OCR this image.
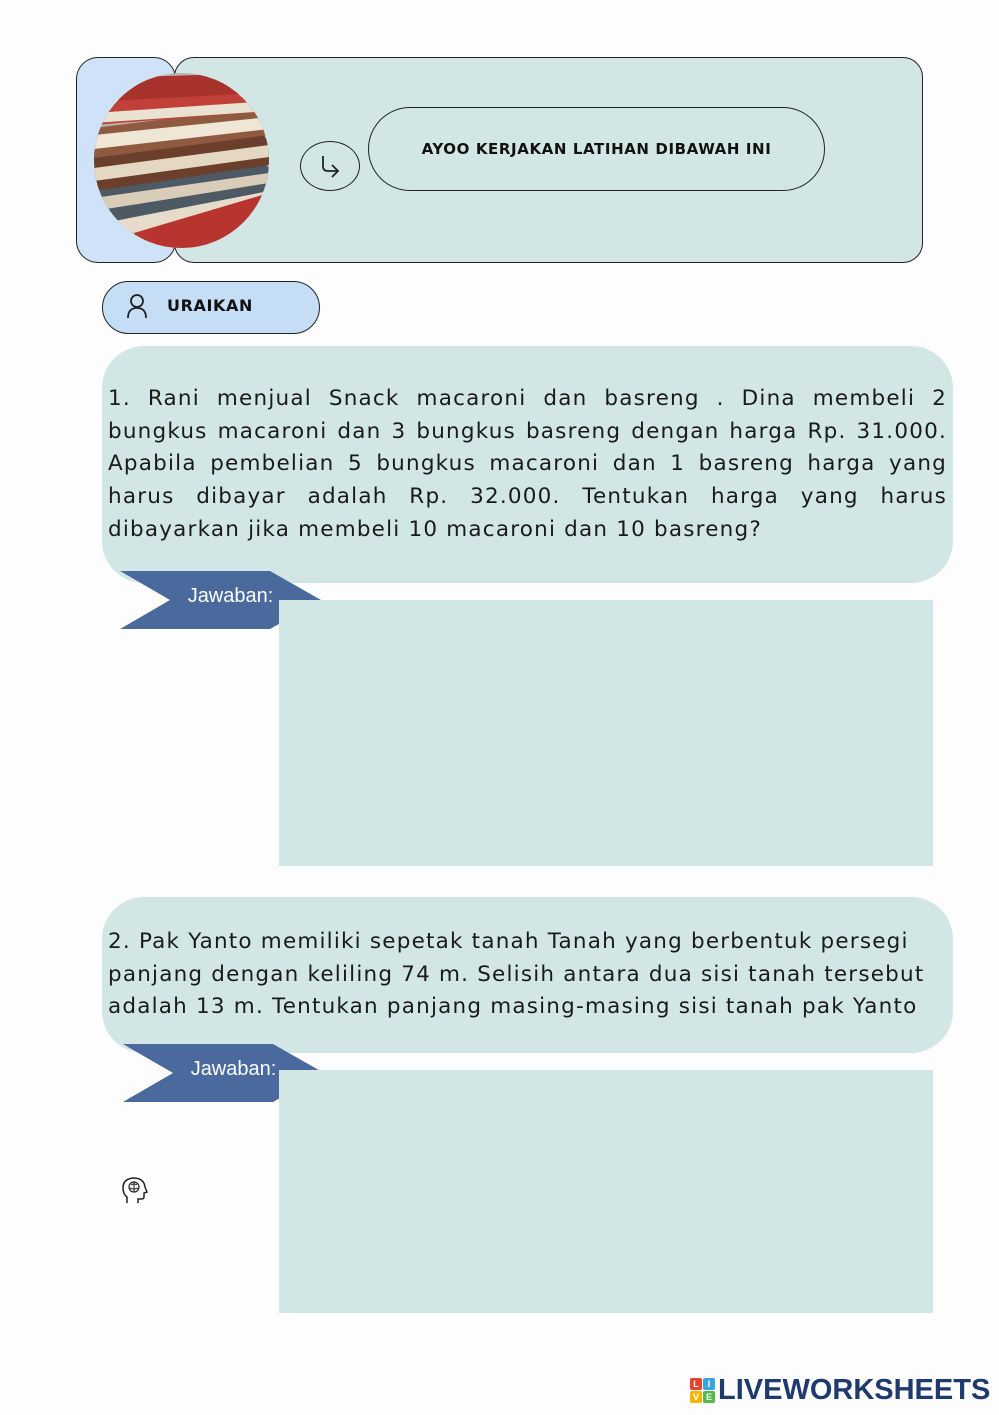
AYOO KERJAKAN LATIHAN DIBAWAH INI
URAIKAN
1. Rani menjual Snack macaroni dan basreng . Dina membeli 2 bungkus macaroni dan 3 bungkus basreng dengan harga Rp. 31.000. Apabila pembelian 5 bungkus macaroni dan 1 basreng harga yang harus dibayar adalah Rp. 32.000. Tentukan harga yang harus dibayarkan jika membeli 10 macaroni dan 10 basreng?
Jawaban:
2. Pak Yanto memiliki sepetak tanah Tanah yang berbentuk persegi panjang dengan keliling 74 m. Selisih antara dua sisi tanah tersebut adalah 13 m. Tentukan panjang masing-masing sisi tanah pak Yanto
Jawaban:
L I
V E LIVEWORKSHEETS
